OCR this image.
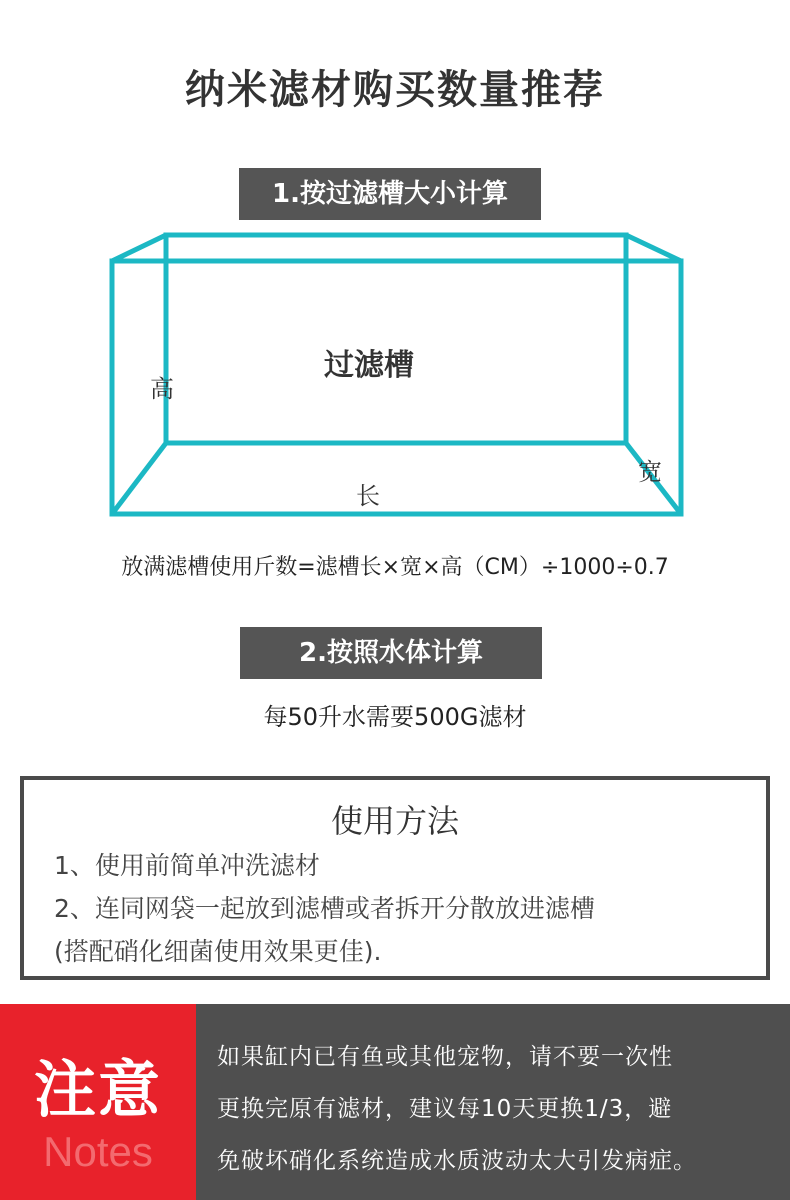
纳米滤材购买数量推荐
1.按过滤槽大小计算
过滤槽
高
长
宽
放满滤槽使用斤数=滤槽长×宽×高（CM）÷1000÷0.7
2.按照水体计算
每50升水需要500G滤材
使用方法
1、使用前简单冲洗滤材
2、连同网袋一起放到滤槽或者拆开分散放进滤槽
(搭配硝化细菌使用效果更佳).
注意
Notes
如果缸内已有鱼或其他宠物，请不要一次性
更换完原有滤材，建议每10天更换1/3，避
免破坏硝化系统造成水质波动太大引发病症。
